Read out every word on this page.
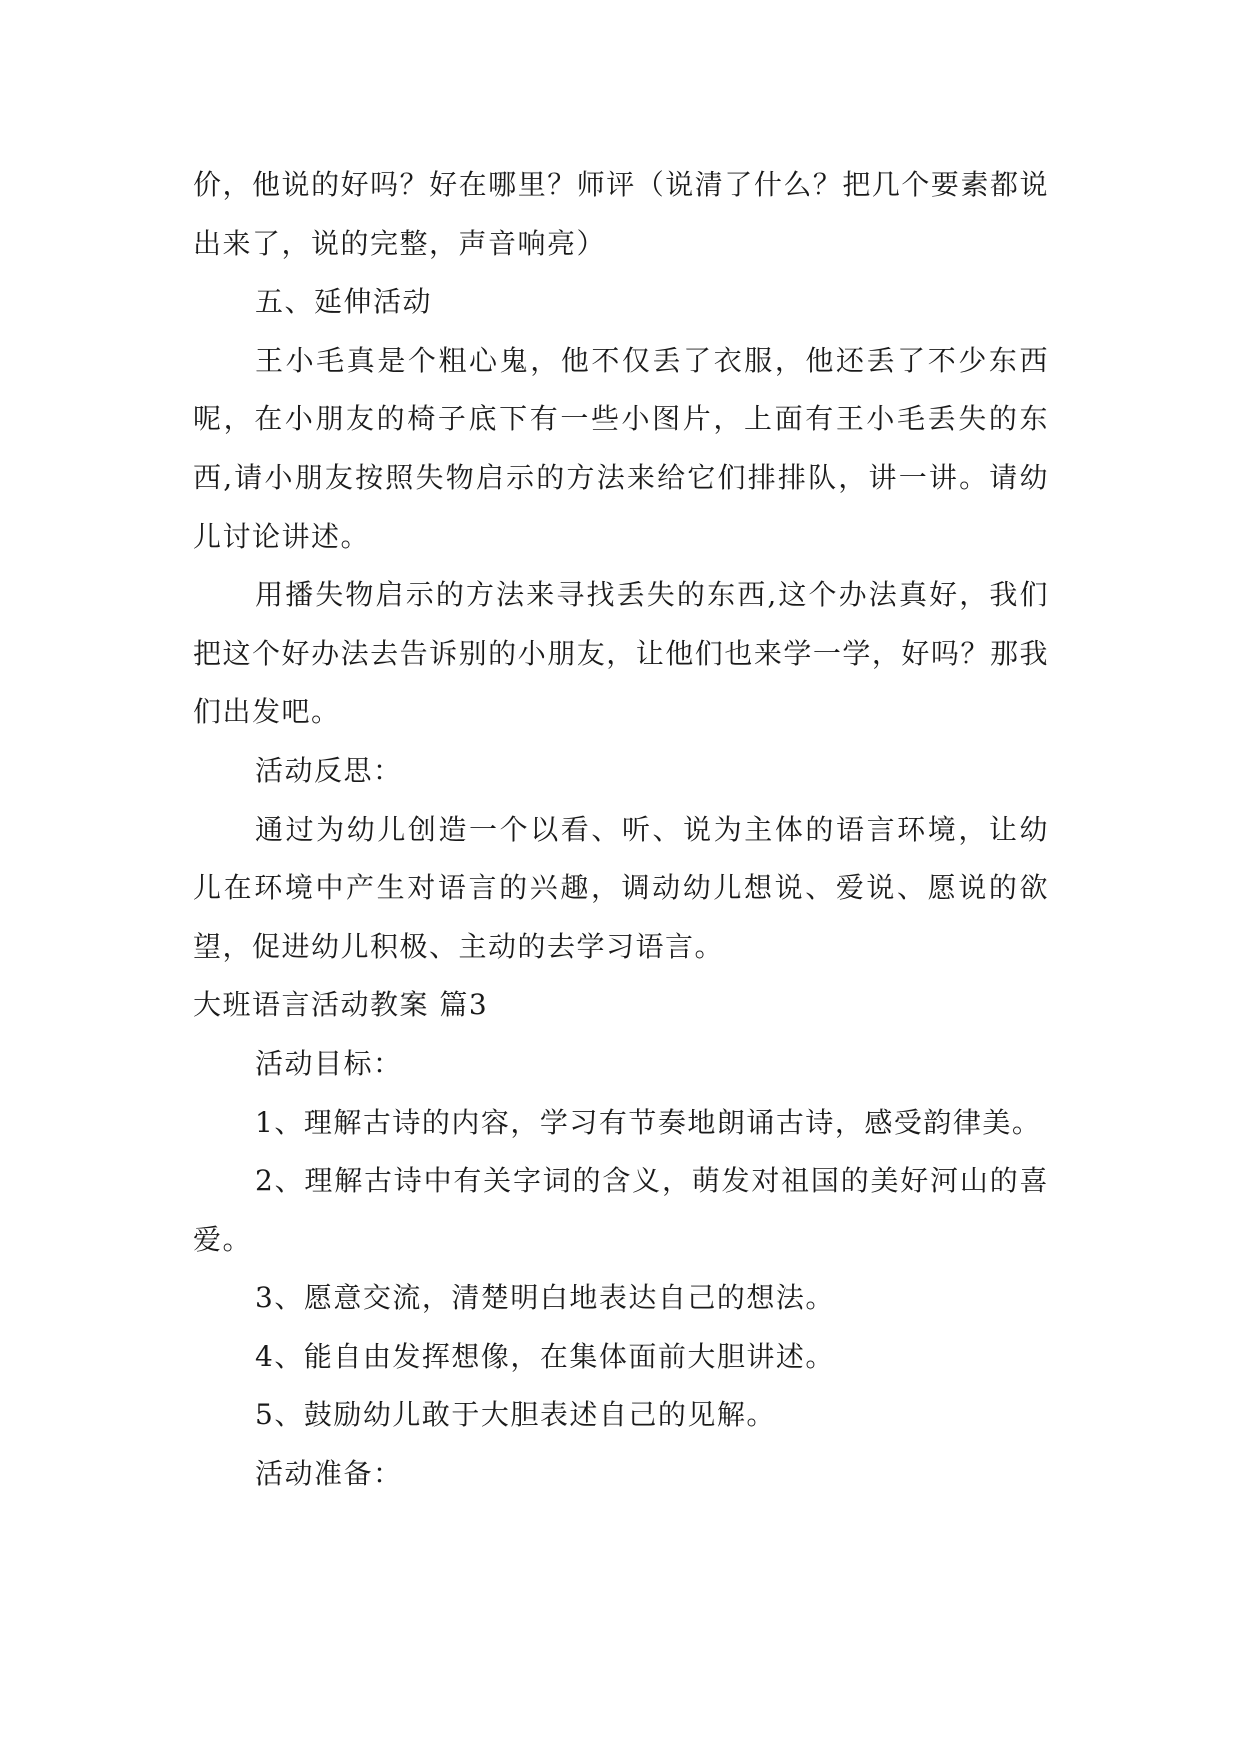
价，他说的好吗？好在哪里？师评（说清了什么？把几个要素都说出来了，说的完整，声音响亮）

五、延伸活动

王小毛真是个粗心鬼，他不仅丢了衣服，他还丢了不少东西呢，在小朋友的椅子底下有一些小图片，上面有王小毛丢失的东西,请小朋友按照失物启示的方法来给它们排排队，讲一讲。请幼儿讨论讲述。

用播失物启示的方法来寻找丢失的东西,这个办法真好，我们把这个好办法去告诉别的小朋友，让他们也来学一学，好吗？那我们出发吧。

活动反思：

通过为幼儿创造一个以看、听、说为主体的语言环境，让幼儿在环境中产生对语言的兴趣，调动幼儿想说、爱说、愿说的欲望，促进幼儿积极、主动的去学习语言。

大班语言活动教案 篇3

活动目标：

1、理解古诗的内容，学习有节奏地朗诵古诗，感受韵律美。

2、理解古诗中有关字词的含义，萌发对祖国的美好河山的喜爱。

3、愿意交流，清楚明白地表达自己的想法。

4、能自由发挥想像，在集体面前大胆讲述。

5、鼓励幼儿敢于大胆表述自己的见解。

活动准备：
